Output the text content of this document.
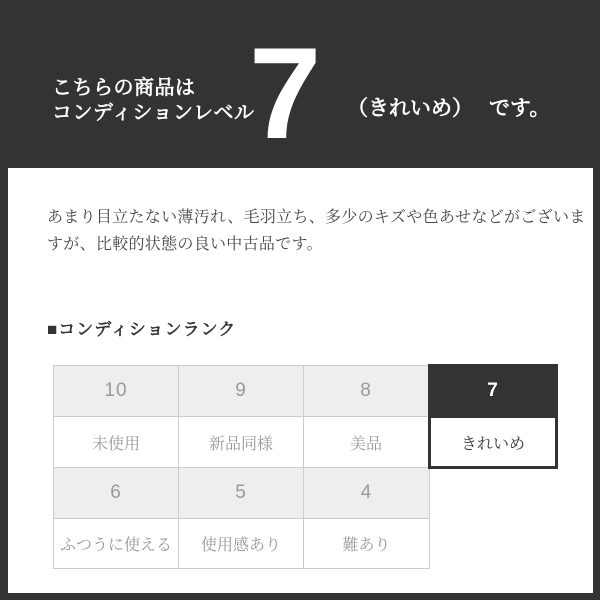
こちらの商品は
コンディションレベル
7 （きれいめ） です。

あまり目立たない薄汚れ、毛羽立ち、多少のキズや色あせなどがございますが、比較的状態の良い中古品です。

■コンディションランク
10	9	8	7
未使用	新品同様	美品	きれいめ
6	5	4	
ふつうに使える	使用感あり	難あり	
